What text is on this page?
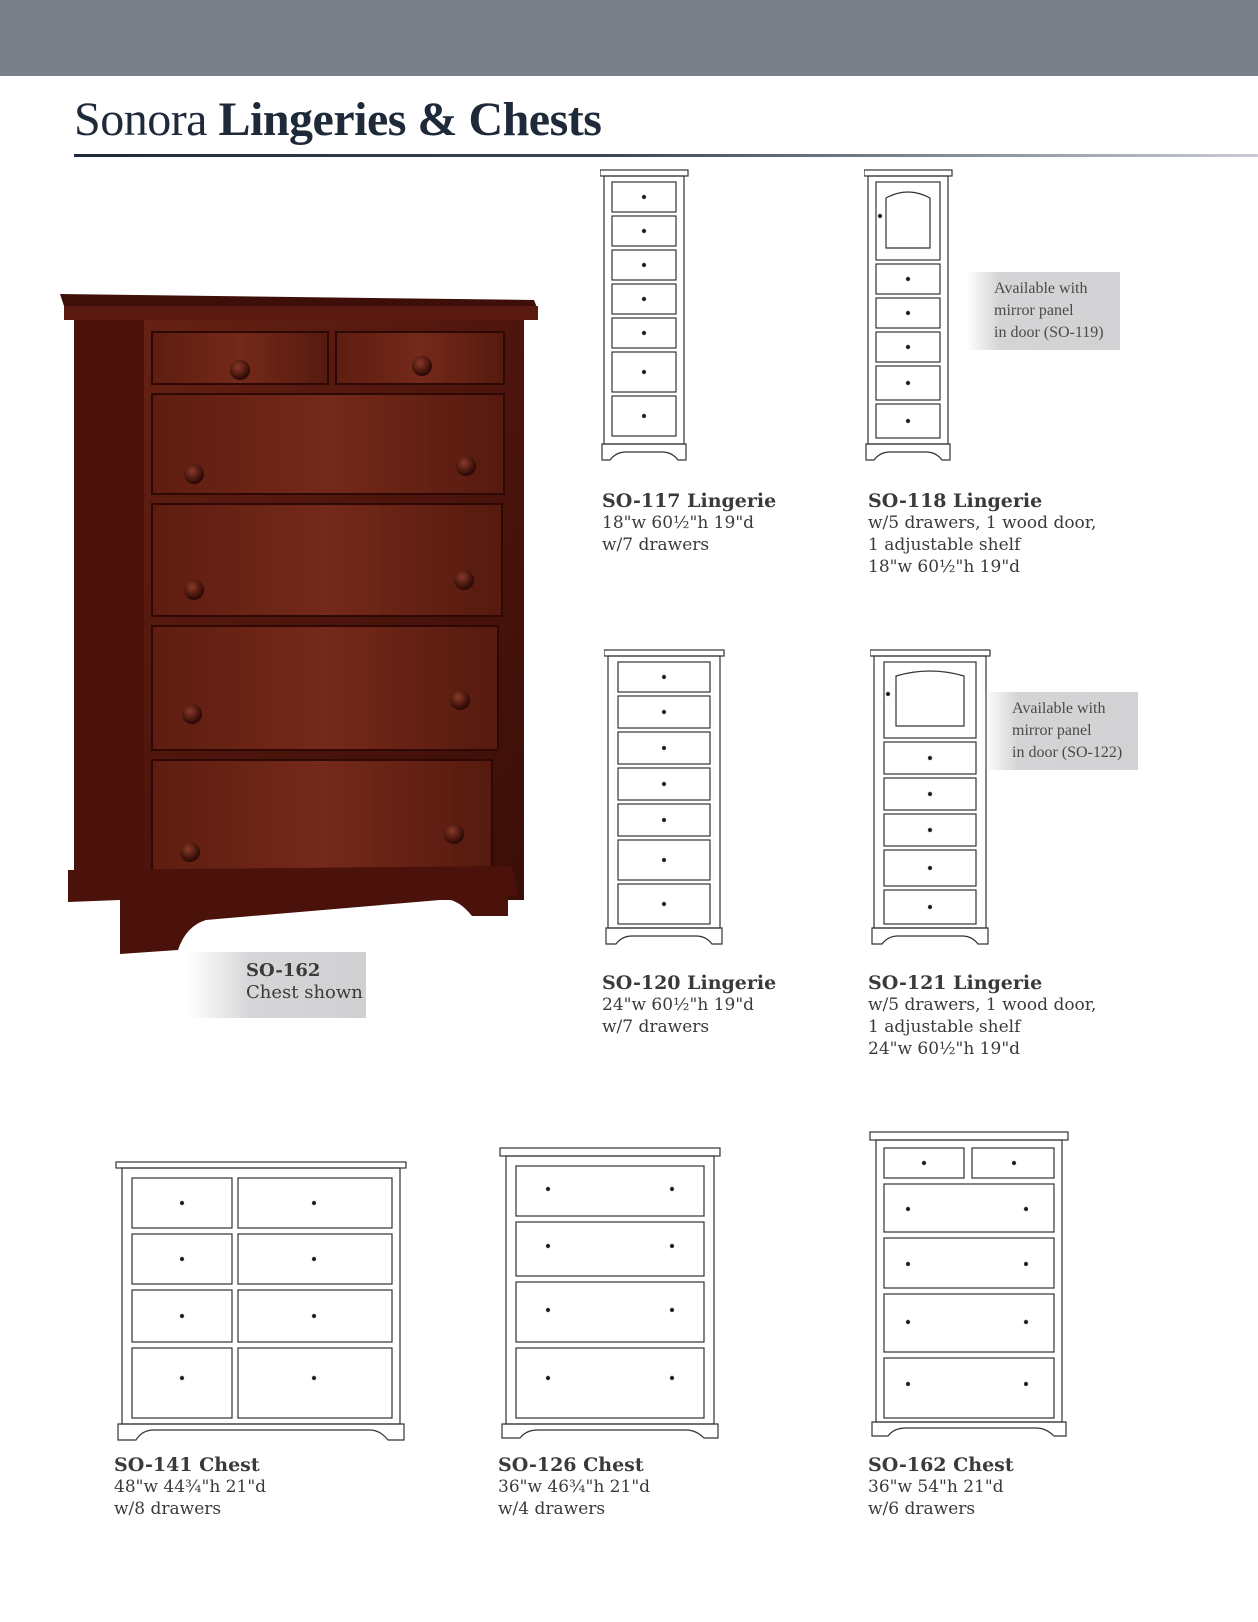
Sonora Lingeries & Chests
SO-162
Chest shown
Available with
mirror panel
in door (SO-119)
Available with
mirror panel
in door (SO-122)
SO-117 Lingerie
18"w 60½"h 19"d
w/7 drawers
SO-118 Lingerie
w/5 drawers, 1 wood door,
1 adjustable shelf
18"w 60½"h 19"d
SO-120 Lingerie
24"w 60½"h 19"d
w/7 drawers
SO-121 Lingerie
w/5 drawers, 1 wood door,
1 adjustable shelf
24"w 60½"h 19"d
SO-141 Chest
48"w 44¾"h 21"d
w/8 drawers
SO-126 Chest
36"w 46¾"h 21"d
w/4 drawers
SO-162 Chest
36"w 54"h 21"d
w/6 drawers
